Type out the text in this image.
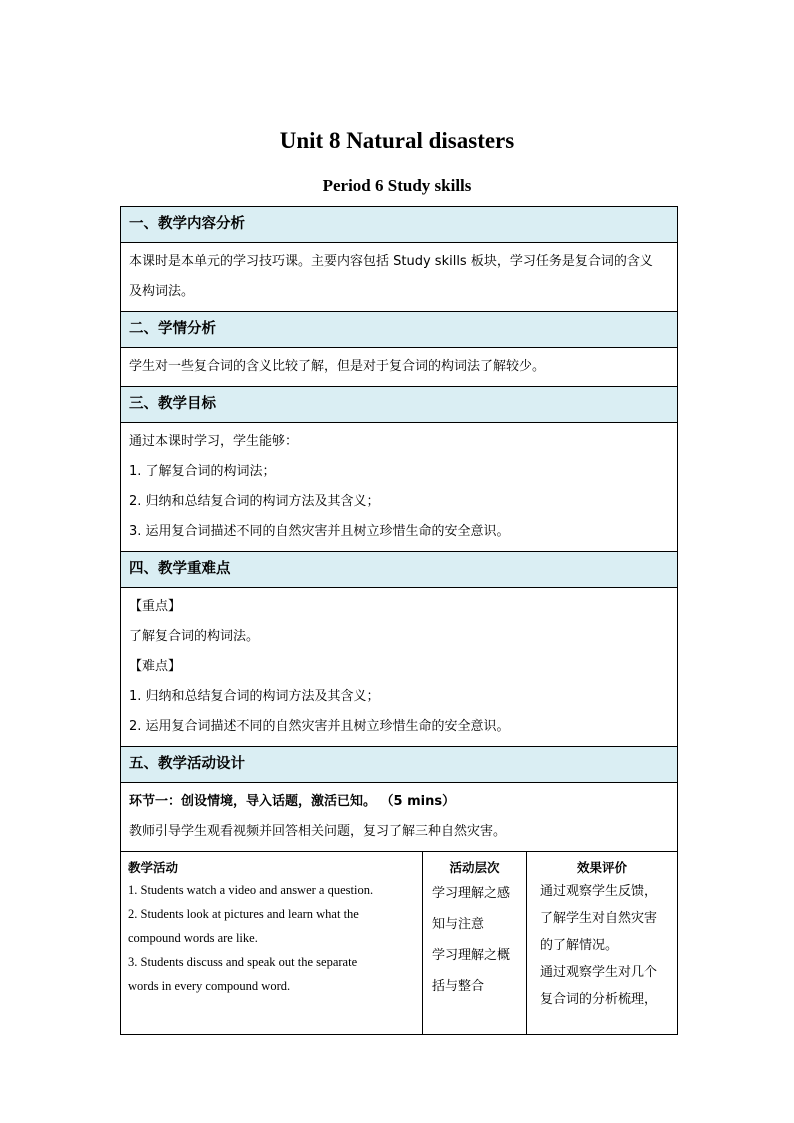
Unit 8 Natural disasters
Period 6 Study skills
一、教学内容分析
本课时是本单元的学习技巧课。主要内容包括 Study skills 板块，学习任务是复合词的含义
及构词法。
二、学情分析
学生对一些复合词的含义比较了解，但是对于复合词的构词法了解较少。
三、教学目标
通过本课时学习，学生能够：
1. 了解复合词的构词法；
2. 归纳和总结复合词的构词方法及其含义；
3. 运用复合词描述不同的自然灾害并且树立珍惜生命的安全意识。
四、教学重难点
【重点】
了解复合词的构词法。
【难点】
1. 归纳和总结复合词的构词方法及其含义；
2. 运用复合词描述不同的自然灾害并且树立珍惜生命的安全意识。
五、教学活动设计
环节一：创设情境，导入话题，激活已知。 （5 mins）
教师引导学生观看视频并回答相关问题，复习了解三种自然灾害。
教学活动
1. Students watch a video and answer a question.
2. Students look at pictures and learn what the
compound words are like.
3. Students discuss and speak out the separate
words in every compound word.
活动层次
学习理解之感
知与注意
学习理解之概
括与整合
效果评价
通过观察学生反馈，
了解学生对自然灾害
的了解情况。
通过观察学生对几个
复合词的分析梳理，
